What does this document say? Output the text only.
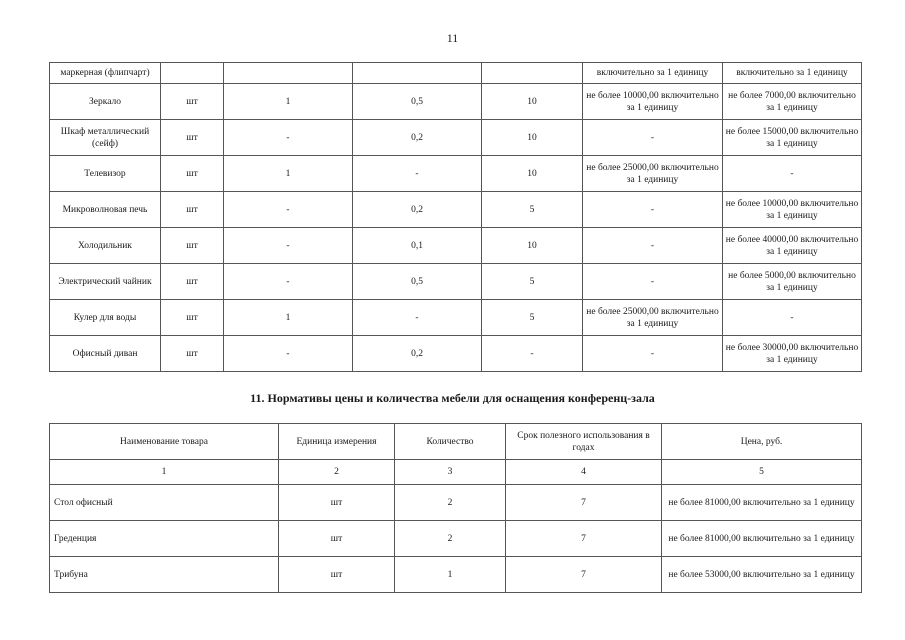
11
маркерная (флипчарт)					включительно за 1 единицу	включительно за 1 единицу
Зеркало	шт	1	0,5	10	не более 10000,00 включительно за 1 единицу	не более 7000,00 включительно за 1 единицу
Шкаф металлический (сейф)	шт	-	0,2	10	-	не более 15000,00 включительно за 1 единицу
Телевизор	шт	1	-	10	не более 25000,00 включительно за 1 единицу	-
Микроволновая печь	шт	-	0,2	5	-	не более 10000,00 включительно за 1 единицу
Холодильник	шт	-	0,1	10	-	не более 40000,00 включительно за 1 единицу
Электрический чайник	шт	-	0,5	5	-	не более 5000,00 включительно за 1 единицу
Кулер для воды	шт	1	-	5	не более 25000,00 включительно за 1 единицу	-
Офисный диван	шт	-	0,2	-	-	не более 30000,00 включительно за 1 единицу
11. Нормативы цены и количества мебели для оснащения конференц-зала
Наименование товара	Единица измерения	Количество	Срок полезного использования в годах	Цена, руб.
1	2	3	4	5
Стол офисный	шт	2	7	не более 81000,00 включительно за 1 единицу
Греденция	шт	2	7	не более 81000,00 включительно за 1 единицу
Трибуна	шт	1	7	не более 53000,00 включительно за 1 единицу
